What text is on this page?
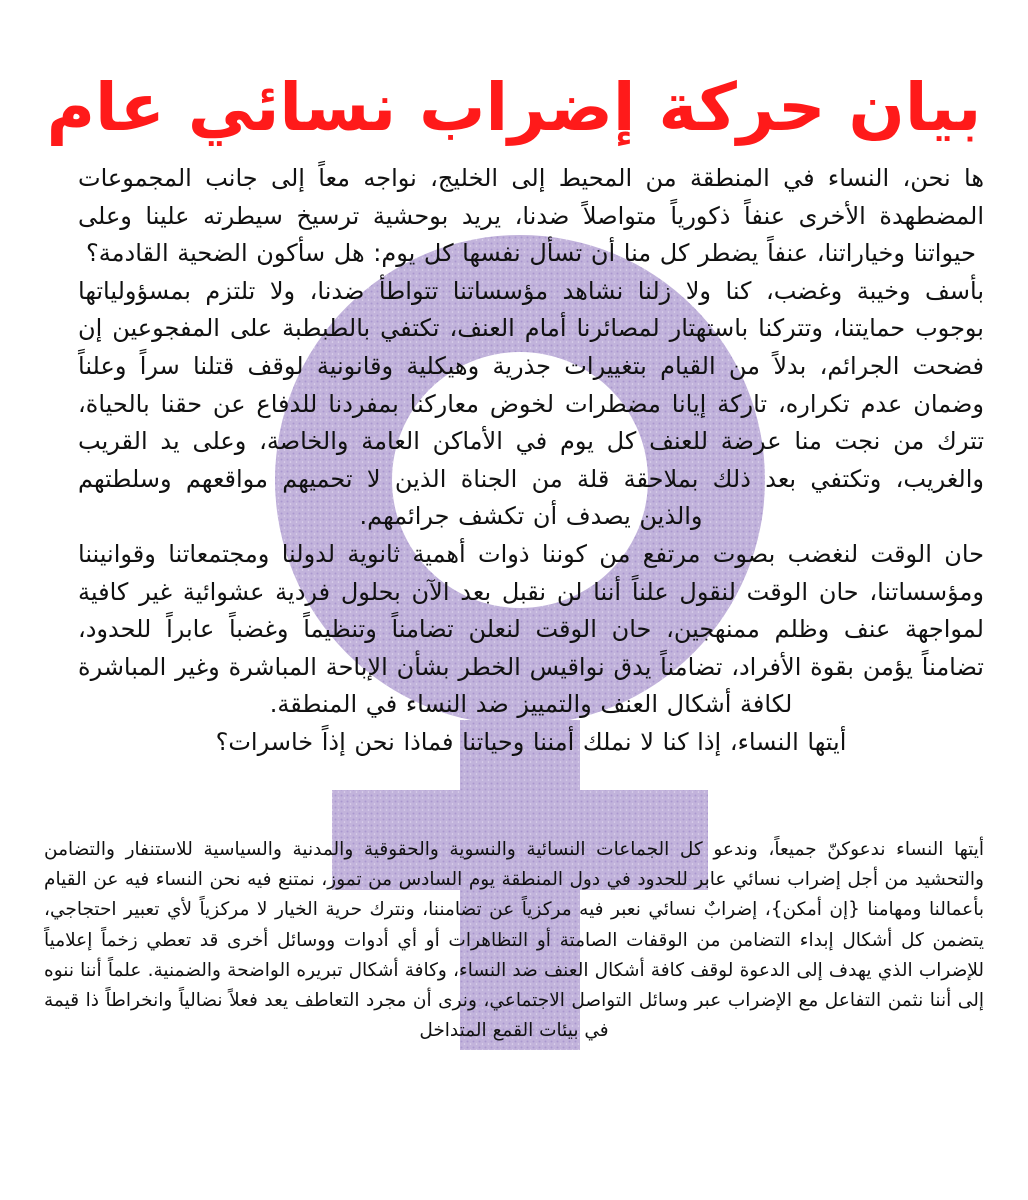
بيان حركة إضراب نسائي عام

ها نحن، النساء في المنطقة من المحيط إلى الخليج، نواجه معاً إلى جانب المجموعات المضطهدة الأخرى عنفاً ذكورياً متواصلاً ضدنا، يريد بوحشية ترسيخ سيطرته علينا وعلى حيواتنا وخياراتنا، عنفاً يضطر كل منا أن تسأل نفسها كل يوم: هل سأكون الضحية القادمة؟

بأسف وخيبة وغضب، كنا ولا زلنا نشاهد مؤسساتنا تتواطأ ضدنا، ولا تلتزم بمسؤولياتها بوجوب حمايتنا، وتتركنا باستهتار لمصائرنا أمام العنف، تكتفي بالطبطبة على المفجوعين إن فضحت الجرائم، بدلاً من القيام بتغييرات جذرية وهيكلية وقانونية لوقف قتلنا سراً وعلناً وضمان عدم تكراره، تاركة إيانا مضطرات لخوض معاركنا بمفردنا للدفاع عن حقنا بالحياة، تترك من نجت منا عرضة للعنف كل يوم في الأماكن العامة والخاصة، وعلى يد القريب والغريب، وتكتفي بعد ذلك بملاحقة قلة من الجناة الذين لا تحميهم مواقعهم وسلطتهم والذين يصدف أن تكشف جرائمهم.

حان الوقت لنغضب بصوت مرتفع من كوننا ذوات أهمية ثانوية لدولنا ومجتمعاتنا وقوانيننا ومؤسساتنا، حان الوقت لنقول علناً أننا لن نقبل بعد الآن بحلول فردية عشوائية غير كافية لمواجهة عنف وظلم ممنهجين، حان الوقت لنعلن تضامناً وتنظيماً وغضباً عابراً للحدود، تضامناً يؤمن بقوة الأفراد، تضامناً يدق نواقيس الخطر بشأن الإباحة المباشرة وغير المباشرة لكافة أشكال العنف والتمييز ضد النساء في المنطقة.

أيتها النساء، إذا كنا لا نملك أمننا وحياتنا فماذا نحن إذاً خاسرات؟

أيتها النساء ندعوكنّ جميعاً، وندعو كل الجماعات النسائية والنسوية والحقوقية والمدنية والسياسية للاستنفار والتضامن والتحشيد من أجل إضراب نسائي عابر للحدود في دول المنطقة يوم السادس من تموز، نمتنع فيه نحن النساء فيه عن القيام بأعمالنا ومهامنا {إن أمكن}، إضرابٌ نسائي نعبر فيه مركزياً عن تضامننا، ونترك حرية الخيار لا مركزياً لأي تعبير احتجاجي، يتضمن كل أشكال إبداء التضامن من الوقفات الصامتة أو التظاهرات أو أي أدوات ووسائل أخرى قد تعطي زخماً إعلامياً للإضراب الذي يهدف إلى الدعوة لوقف كافة أشكال العنف ضد النساء، وكافة أشكال تبريره الواضحة والضمنية. علماً أننا ننوه إلى أننا نثمن التفاعل مع الإضراب عبر وسائل التواصل الاجتماعي، ونرى أن مجرد التعاطف يعد فعلاً نضالياً وانخراطاً ذا قيمة في بيئات القمع المتداخل
